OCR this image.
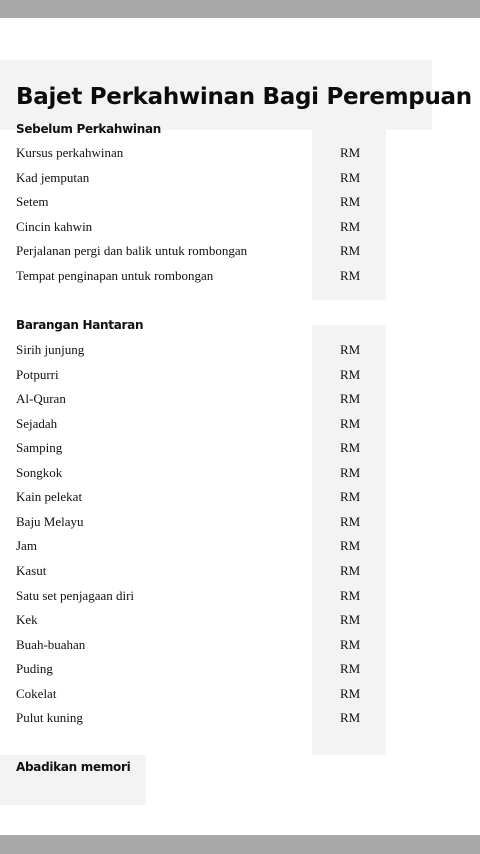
Bajet Perkahwinan Bagi Perempuan
Sebelum Perkahwinan
Kursus perkahwinan	RM
Kad jemputan	RM
Setem	RM
Cincin kahwin	RM
Perjalanan pergi dan balik untuk rombongan	RM
Tempat penginapan untuk rombongan	RM
Barangan Hantaran
Sirih junjung	RM
Potpurri	RM
Al-Quran	RM
Sejadah	RM
Samping	RM
Songkok	RM
Kain pelekat	RM
Baju Melayu	RM
Jam	RM
Kasut	RM
Satu set penjagaan diri	RM
Kek	RM
Buah-buahan	RM
Puding	RM
Cokelat	RM
Pulut kuning	RM
Abadikan memori
